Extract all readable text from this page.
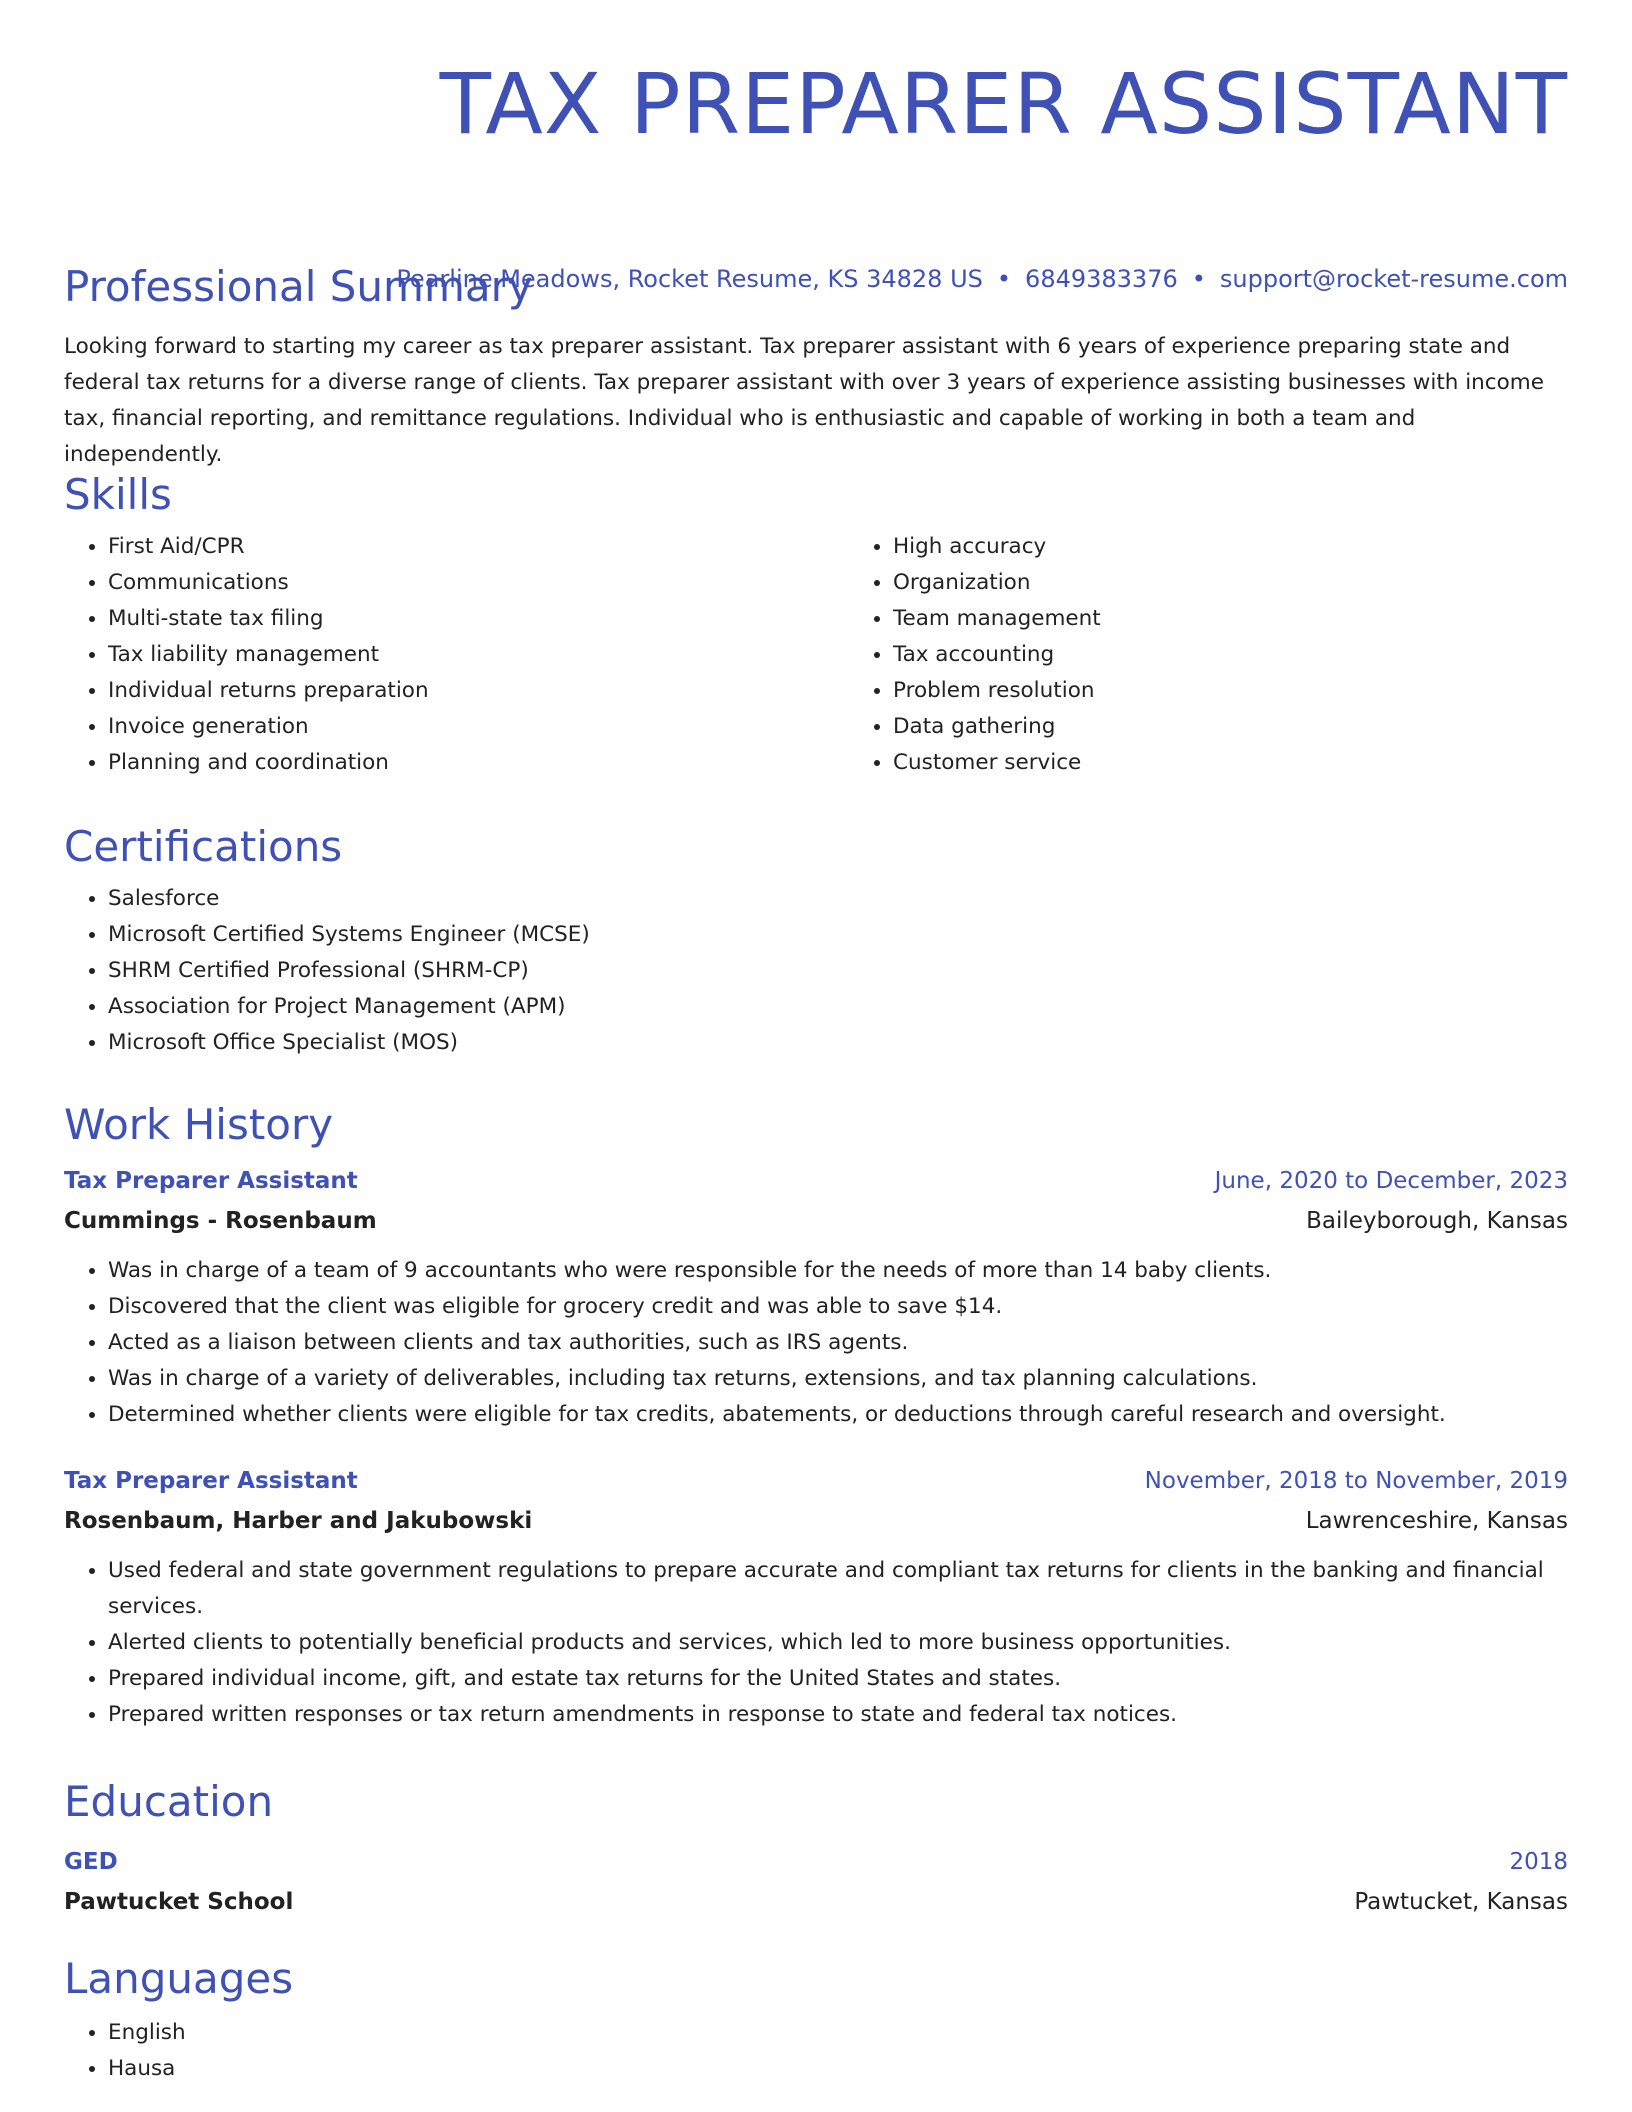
TAX PREPARER ASSISTANT
Pearline Meadows, Rocket Resume, KS 34828 US • 6849383376 • support@rocket-resume.com
Professional Summary

Looking forward to starting my career as tax preparer assistant. Tax preparer assistant with 6 years of experience preparing state and federal tax returns for a diverse range of clients. Tax preparer assistant with over 3 years of experience assisting businesses with income tax, financial reporting, and remittance regulations. Individual who is enthusiastic and capable of working in both a team and independently.

Skills
• First Aid/CPR
• Communications
• Multi-state tax filing
• Tax liability management
• Individual returns preparation
• Invoice generation
• Planning and coordination
• High accuracy
• Organization
• Team management
• Tax accounting
• Problem resolution
• Data gathering
• Customer service
Certifications
• Salesforce
• Microsoft Certified Systems Engineer (MCSE)
• SHRM Certified Professional (SHRM-CP)
• Association for Project Management (APM)
• Microsoft Office Specialist (MOS)
Work History
Tax Preparer Assistant	June, 2020 to December, 2023
Cummings - Rosenbaum	Baileyborough, Kansas
• Was in charge of a team of 9 accountants who were responsible for the needs of more than 14 baby clients.
• Discovered that the client was eligible for grocery credit and was able to save $14.
• Acted as a liaison between clients and tax authorities, such as IRS agents.
• Was in charge of a variety of deliverables, including tax returns, extensions, and tax planning calculations.
• Determined whether clients were eligible for tax credits, abatements, or deductions through careful research and oversight.
Tax Preparer Assistant	November, 2018 to November, 2019
Rosenbaum, Harber and Jakubowski	Lawrenceshire, Kansas
• Used federal and state government regulations to prepare accurate and compliant tax returns for clients in the banking and financial services.
• Alerted clients to potentially beneficial products and services, which led to more business opportunities.
• Prepared individual income, gift, and estate tax returns for the United States and states.
• Prepared written responses or tax return amendments in response to state and federal tax notices.
Education
GED	2018
Pawtucket School	Pawtucket, Kansas
Languages
• English
• Hausa
